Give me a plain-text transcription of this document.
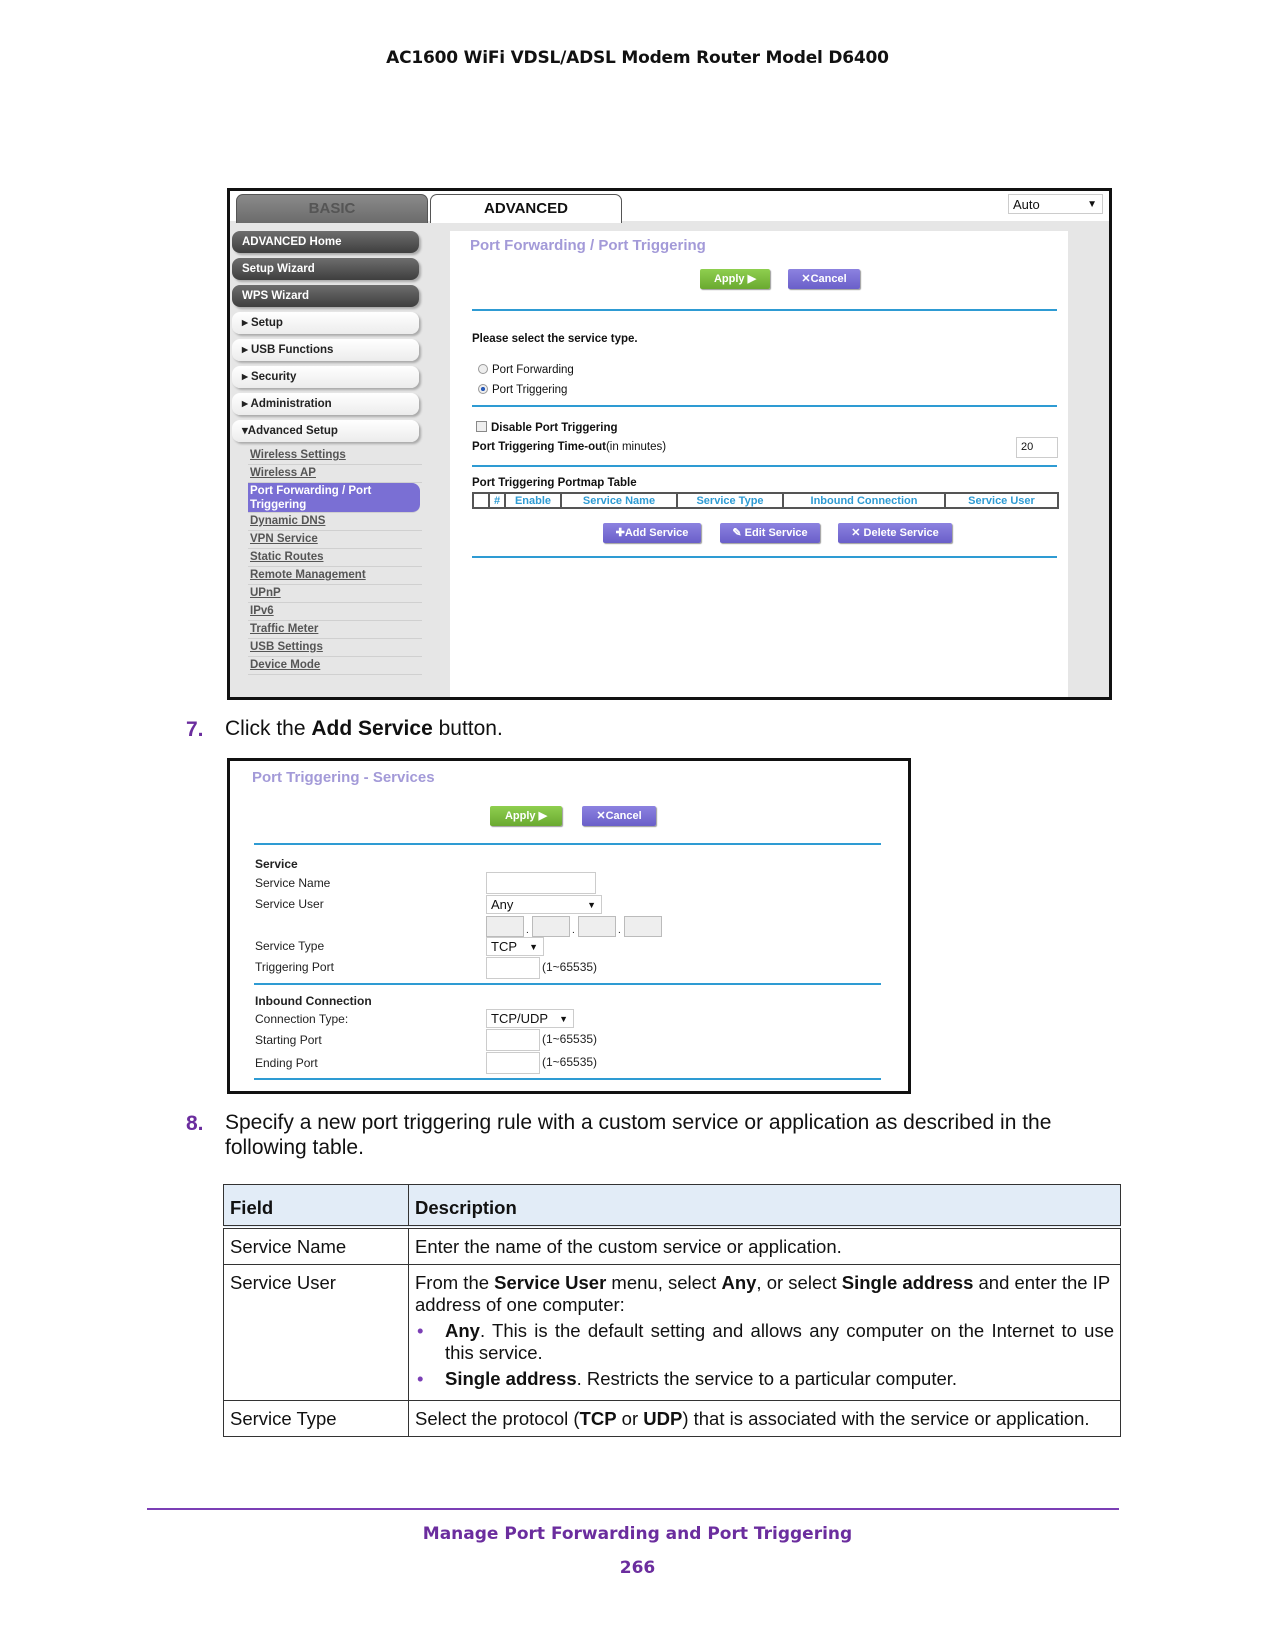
AC1600 WiFi VDSL/ADSL Modem Router Model D6400
BASIC	ADVANCED	Auto	▼
ADVANCED Home
Setup Wizard
WPS Wizard
▸ Setup
▸ USB Functions
▸ Security
▸ Administration
▾Advanced Setup
Wireless Settings
Wireless AP
Port Forwarding / Port Triggering
Dynamic DNS
VPN Service
Static Routes
Remote Management
UPnP
IPv6
Traffic Meter
USB Settings
Device Mode
Port Forwarding / Port Triggering
Apply ▶	✕Cancel
Please select the service type.
Port Forwarding
Port Triggering
Disable Port Triggering
Port Triggering Time-out(in minutes)	20
Port Triggering Portmap Table
	#	Enable	Service Name	Service Type	Inbound Connection	Service User
✚Add Service	✎ Edit Service	✕ Delete Service
7. Click the Add Service button.
Port Triggering - Services
Apply ▶	✕Cancel
Service
Service Name
Service User	Any	▼
.	.	.
Service Type	TCP ▼
Triggering Port	(1~65535)
Inbound Connection
Connection Type:	TCP/UDP ▼
Starting Port	(1~65535)
Ending Port	(1~65535)
8. Specify a new port triggering rule with a custom service or application as described in the following table.
Field	Description
Service Name	Enter the name of the custom service or application.
Service User	From the Service User menu, select Any, or select Single address and enter the IP address of one computer:
• Any. This is the default setting and allows any computer on the Internet to use this service.
• Single address. Restricts the service to a particular computer.

Service Type	Select the protocol (TCP or UDP) that is associated with the service or application.
Manage Port Forwarding and Port Triggering
266
